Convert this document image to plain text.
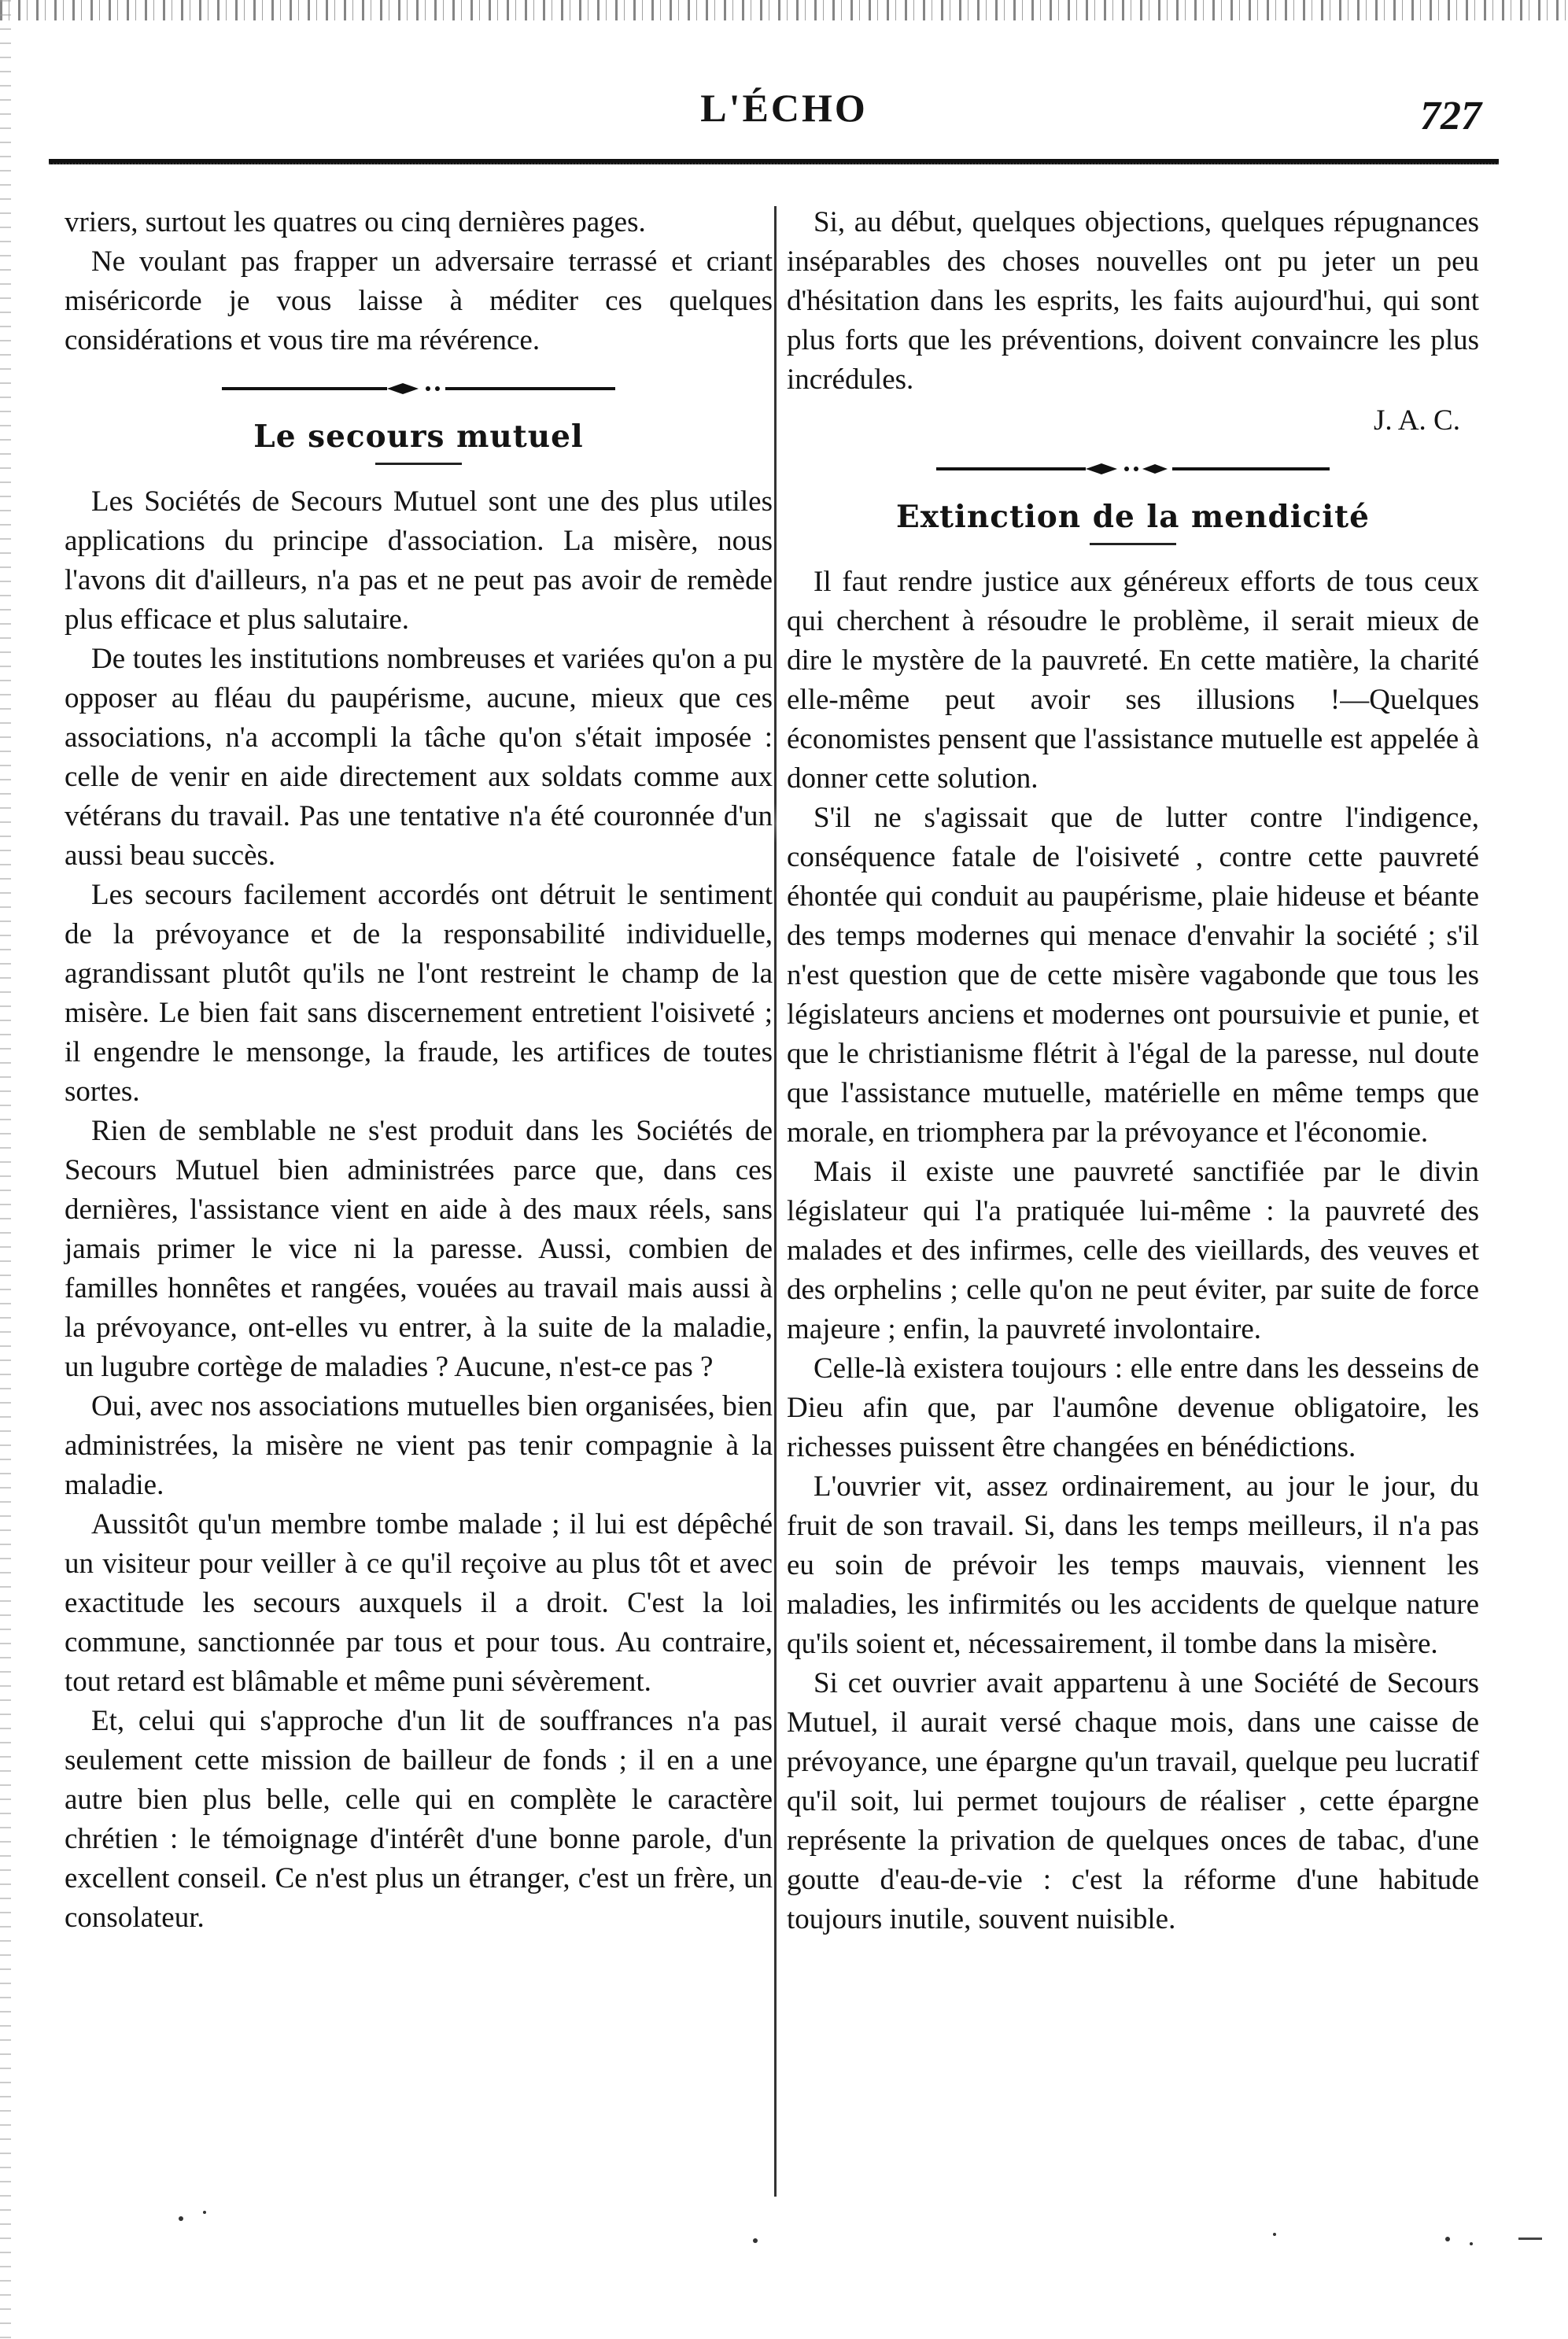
L'ÉCHO	727

vriers, surtout les quatres ou cinq dernières pages.

Ne voulant pas frapper un adversaire terrassé et criant miséricorde je vous laisse à méditer ces quelques considérations et vous tire ma révérence.

Le secours mutuel

Les Sociétés de Secours Mutuel sont une des plus utiles applications du principe d'association. La misère, nous l'avons dit d'ailleurs, n'a pas et ne peut pas avoir de remède plus efficace et plus salutaire.

De toutes les institutions nombreuses et variées qu'on a pu opposer au fléau du paupérisme, aucune, mieux que ces associations, n'a accompli la tâche qu'on s'était imposée : celle de venir en aide directement aux soldats comme aux vétérans du travail. Pas une tentative n'a été couronnée d'un aussi beau succès.

Les secours facilement accordés ont détruit le sentiment de la prévoyance et de la responsabilité individuelle, agrandissant plutôt qu'ils ne l'ont restreint le champ de la misère. Le bien fait sans discernement entretient l'oisiveté ; il engendre le mensonge, la fraude, les artifices de toutes sortes.

Rien de semblable ne s'est produit dans les Sociétés de Secours Mutuel bien administrées parce que, dans ces dernières, l'assistance vient en aide à des maux réels, sans jamais primer le vice ni la paresse. Aussi, combien de familles honnêtes et rangées, vouées au travail mais aussi à la prévoyance, ont-elles vu entrer, à la suite de la maladie, un lugubre cortège de maladies ? Aucune, n'est-ce pas ?

Oui, avec nos associations mutuelles bien organisées, bien administrées, la misère ne vient pas tenir compagnie à la maladie.

Aussitôt qu'un membre tombe malade ; il lui est dépêché un visiteur pour veiller à ce qu'il reçoive au plus tôt et avec exactitude les secours auxquels il a droit. C'est la loi commune, sanctionnée par tous et pour tous. Au contraire, tout retard est blâmable et même puni sévèrement.

Et, celui qui s'approche d'un lit de souffrances n'a pas seulement cette mission de bailleur de fonds ; il en a une autre bien plus belle, celle qui en complète le caractère chrétien : le témoignage d'intérêt d'une bonne parole, d'un excellent conseil. Ce n'est plus un étranger, c'est un frère, un consolateur.

Si, au début, quelques objections, quelques répugnances inséparables des choses nouvelles ont pu jeter un peu d'hésitation dans les esprits, les faits aujourd'hui, qui sont plus forts que les préventions, doivent convaincre les plus incrédules.

J. A. C.
Extinction de la mendicité

Il faut rendre justice aux généreux efforts de tous ceux qui cherchent à résoudre le problème, il serait mieux de dire le mystère de la pauvreté. En cette matière, la charité elle-même peut avoir ses illusions !—Quelques économistes pensent que l'assistance mutuelle est appelée à donner cette solution.

S'il ne s'agissait que de lutter contre l'indigence, conséquence fatale de l'oisiveté , contre cette pauvreté éhontée qui conduit au paupérisme, plaie hideuse et béante des temps modernes qui menace d'envahir la société ; s'il n'est question que de cette misère vagabonde que tous les législateurs anciens et modernes ont poursuivie et punie, et que le christianisme flétrit à l'égal de la paresse, nul doute que l'assistance mutuelle, matérielle en même temps que morale, en triomphera par la prévoyance et l'économie.

Mais il existe une pauvreté sanctifiée par le divin législateur qui l'a pratiquée lui-même : la pauvreté des malades et des infirmes, celle des vieillards, des veuves et des orphelins ; celle qu'on ne peut éviter, par suite de force majeure ; enfin, la pauvreté involontaire.

Celle-là existera toujours : elle entre dans les desseins de Dieu afin que, par l'aumône devenue obligatoire, les richesses puissent être changées en bénédictions.

L'ouvrier vit, assez ordinairement, au jour le jour, du fruit de son travail. Si, dans les temps meilleurs, il n'a pas eu soin de prévoir les temps mauvais, viennent les maladies, les infirmités ou les accidents de quelque nature qu'ils soient et, nécessairement, il tombe dans la misère.

Si cet ouvrier avait appartenu à une Société de Secours Mutuel, il aurait versé chaque mois, dans une caisse de prévoyance, une épargne qu'un travail, quelque peu lucratif qu'il soit, lui permet toujours de réaliser , cette épargne représente la privation de quelques onces de tabac, d'une goutte d'eau-de-vie : c'est la réforme d'une habitude toujours inutile, souvent nuisible.
